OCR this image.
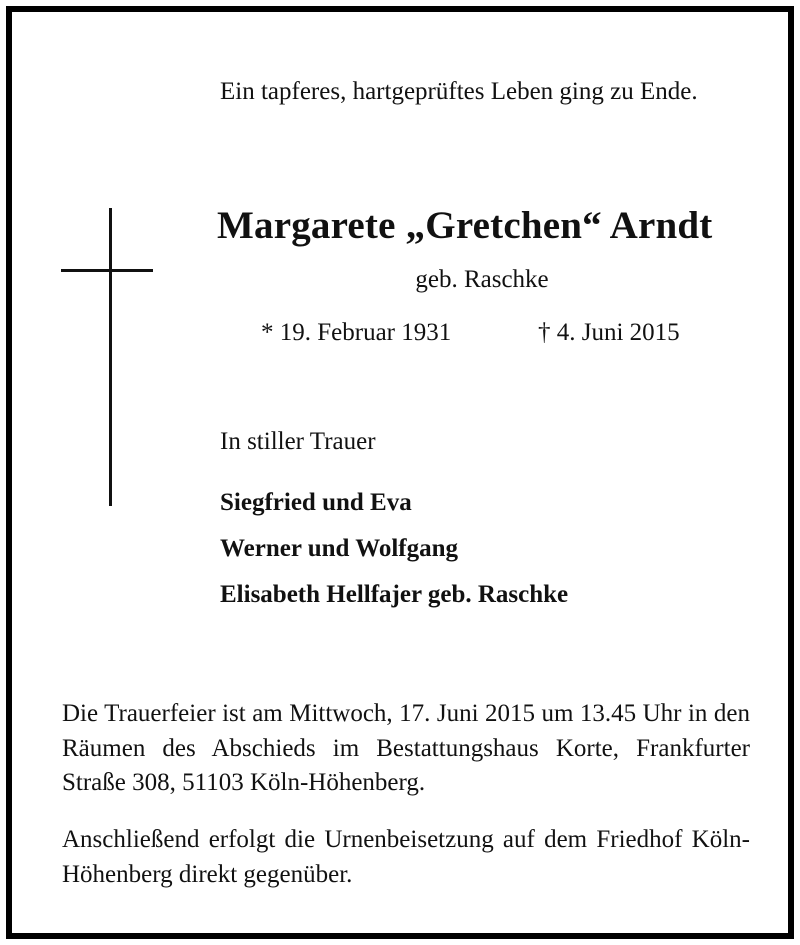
Ein tapferes, hartgeprüftes Leben ging zu Ende.
Margarete „Gretchen“ Arndt
geb. Raschke
* 19. Februar 1931	† 4. Juni 2015
In stiller Trauer
Siegfried und Eva
Werner und Wolfgang
Elisabeth Hellfajer geb. Raschke

Die Trauerfeier ist am Mittwoch, 17. Juni 2015 um 13.45 Uhr in den Räumen des Abschieds im Bestattungshaus Korte, Frankfurter Straße 308, 51103 Köln-Höhenberg.

Anschließend erfolgt die Urnenbeisetzung auf dem Friedhof Köln-Höhenberg direkt gegenüber.
